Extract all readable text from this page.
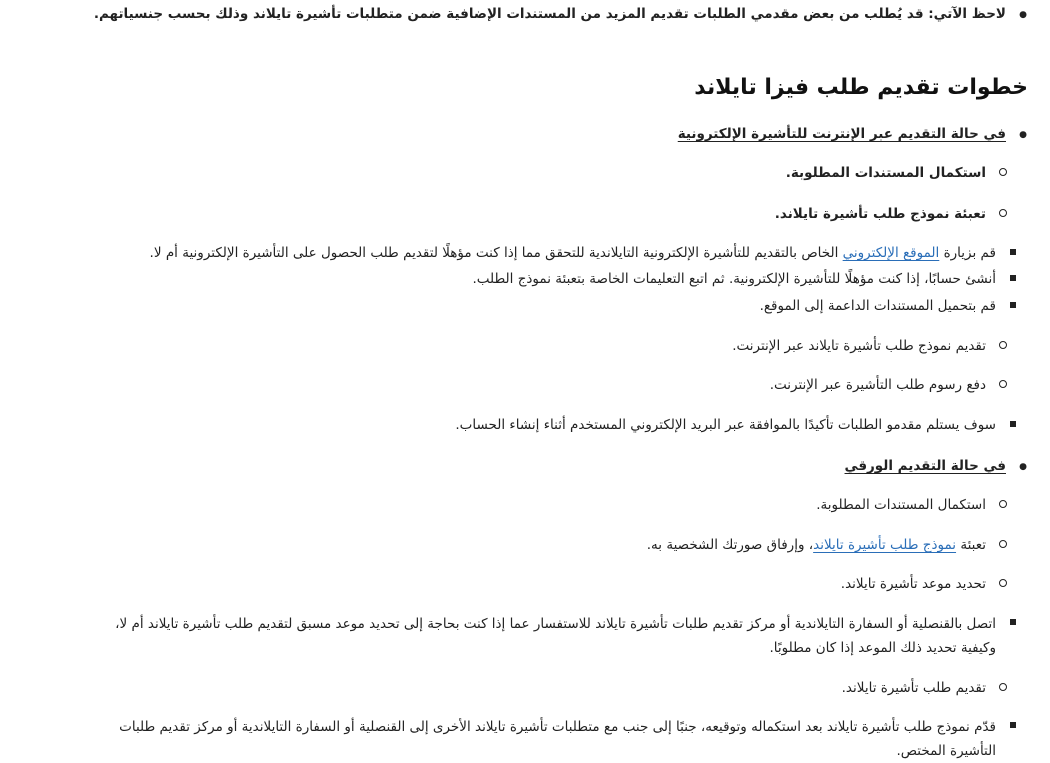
●لاحظ الآتي: قد يُطلب من بعض مقدمي الطلبات تقديم المزيد من المستندات الإضافية ضمن متطلبات تأشيرة تايلاند وذلك بحسب جنسياتهم.
خطوات تقديم طلب فيزا تايلاند
●في حالة التقديم عبر الإنترنت للتأشيرة الإلكترونية
استكمال المستندات المطلوبة.
تعبئة نموذج طلب تأشيرة تايلاند.
قم بزيارة الموقع الإلكتروني الخاص بالتقديم للتأشيرة الإلكترونية التايلاندية للتحقق مما إذا كنت مؤهلًا لتقديم طلب الحصول على التأشيرة الإلكترونية أم لا.
أنشئ حسابًا، إذا كنت مؤهلًا للتأشيرة الإلكترونية. ثم اتبع التعليمات الخاصة بتعبئة نموذج الطلب.
قم بتحميل المستندات الداعمة إلى الموقع.
تقديم نموذج طلب تأشيرة تايلاند عبر الإنترنت.
دفع رسوم طلب التأشيرة عبر الإنترنت.
سوف يستلم مقدمو الطلبات تأكيدًا بالموافقة عبر البريد الإلكتروني المستخدم أثناء إنشاء الحساب.
●في حالة التقديم الورقي
استكمال المستندات المطلوبة.
تعبئة نموذج طلب تأشيرة تايلاند، وإرفاق صورتك الشخصية به.
تحديد موعد تأشيرة تايلاند.
اتصل بالقنصلية أو السفارة التايلاندية أو مركز تقديم طلبات تأشيرة تايلاند للاستفسار عما إذا كنت بحاجة إلى تحديد موعد مسبق لتقديم طلب تأشيرة تايلاند أم لا، وكيفية تحديد ذلك الموعد إذا كان مطلوبًا.
تقديم طلب تأشيرة تايلاند.
قدّم نموذج طلب تأشيرة تايلاند بعد استكماله وتوقيعه، جنبًا إلى جنب مع متطلبات تأشيرة تايلاند الأخرى إلى القنصلية أو السفارة التايلاندية أو مركز تقديم طلبات التأشيرة المختص.
